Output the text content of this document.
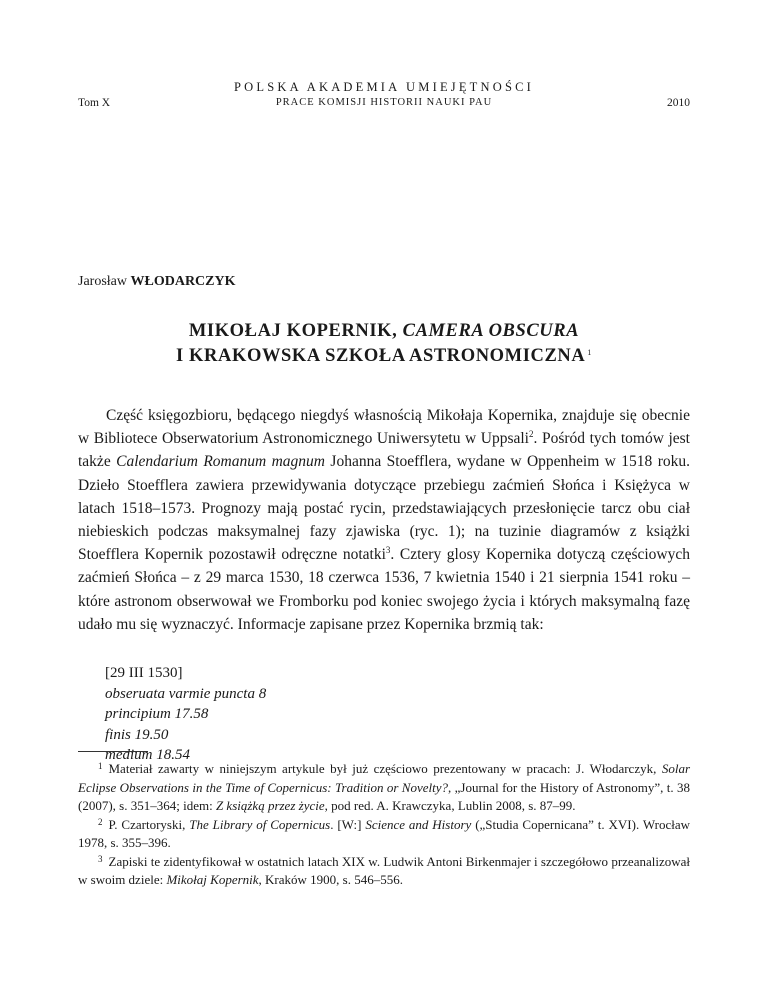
POLSKA AKADEMIA UMIEJĘTNOŚCI
Tom X	PRACE KOMISJI HISTORII NAUKI PAU	2010
Jarosław WŁODARCZYK
MIKOŁAJ KOPERNIK, CAMERA OBSCURA
I KRAKOWSKA SZKOŁA ASTRONOMICZNA $^1$

Część księgozbioru, będącego niegdyś własnością Mikołaja Kopernika, znajduje się obecnie w Bibliotece Obserwatorium Astronomicznego Uniwersytetu w Uppsali$^2$. Pośród tych tomów jest także Calendarium Romanum magnum Johanna Stoefflera, wydane w Oppenheim w 1518 roku. Dzieło Stoefflera zawiera przewidywania dotyczące przebiegu zaćmień Słońca i Księżyca w latach 1518–1573. Prognozy mają postać rycin, przedstawiających przesłonięcie tarcz obu ciał niebieskich podczas maksymalnej fazy zjawiska (ryc. 1); na tuzinie diagramów z książki Stoefflera Kopernik pozostawił odręczne notatki$^3$. Cztery glosy Kopernika dotyczą częściowych zaćmień Słońca – z 29 marca 1530, 18 czerwca 1536, 7 kwietnia 1540 i 21 sierpnia 1541 roku – które astronom obserwował we Fromborku pod koniec swojego życia i których maksymalną fazę udało mu się wyznaczyć. Informacje zapisane przez Kopernika brzmią tak:

[29 III 1530]
obseruata varmie puncta 8
principium 17.58
finis 19.50
medium 18.54

$^1$ Materiał zawarty w niniejszym artykule był już częściowo prezentowany w pracach: J. Włodarczyk, Solar Eclipse Observations in the Time of Copernicus: Tradition or Novelty?, „Journal for the History of Astronomy”, t. 38 (2007), s. 351–364; idem: Z książką przez życie, pod red. A. Krawczyka, Lublin 2008, s. 87–99.

$^2$ P. Czartoryski, The Library of Copernicus. [W:] Science and History („Studia Copernicana” t. XVI). Wrocław 1978, s. 355–396.

$^3$ Zapiski te zidentyfikował w ostatnich latach XIX w. Ludwik Antoni Birkenmajer i szczegółowo przeanalizował w swoim dziele: Mikołaj Kopernik, Kraków 1900, s. 546–556.
